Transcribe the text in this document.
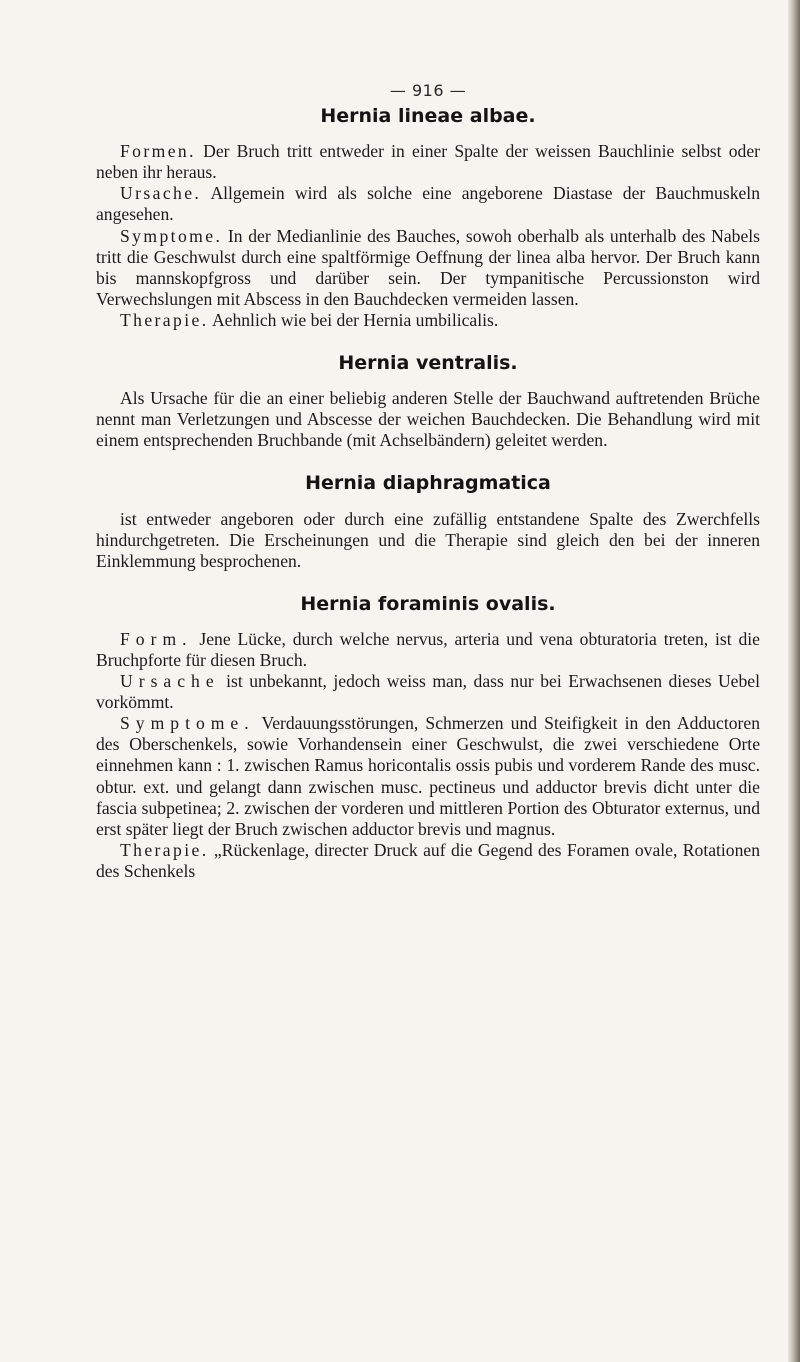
— 916 —
Hernia lineae albae.

Formen. Der Bruch tritt entweder in einer Spalte der weissen Bauchlinie selbst oder neben ihr heraus.

Ursache. Allgemein wird als solche eine angeborene Diastase der Bauchmuskeln angesehen.

Symptome. In der Medianlinie des Bauches, sowoh oberhalb als unterhalb des Nabels tritt die Geschwulst durch eine spaltförmige Oeffnung der linea alba hervor. Der Bruch kann bis mannskopfgross und darüber sein. Der tympanitische Percussionston wird Verwechslungen mit Abscess in den Bauchdecken vermeiden lassen.

Therapie. Aehnlich wie bei der Hernia umbilicalis.

Hernia ventralis.

Als Ursache für die an einer beliebig anderen Stelle der Bauchwand auftretenden Brüche nennt man Verletzungen und Abscesse der weichen Bauchdecken. Die Behandlung wird mit einem entsprechenden Bruchbande (mit Achselbändern) geleitet werden.

Hernia diaphragmatica

ist entweder angeboren oder durch eine zufällig entstandene Spalte des Zwerchfells hindurchgetreten. Die Erscheinungen und die Therapie sind gleich den bei der inneren Einklemmung besprochenen.

Hernia foraminis ovalis.

Form. Jene Lücke, durch welche nervus, arteria und vena obturatoria treten, ist die Bruchpforte für diesen Bruch.

Ursache ist unbekannt, jedoch weiss man, dass nur bei Erwachsenen dieses Uebel vorkömmt.

Symptome. Verdauungsstörungen, Schmerzen und Steifigkeit in den Adductoren des Oberschenkels, sowie Vorhandensein einer Geschwulst, die zwei verschiedene Orte einnehmen kann : 1. zwischen Ramus horicontalis ossis pubis und vorderem Rande des musc. obtur. ext. und gelangt dann zwischen musc. pectineus und adductor brevis dicht unter die fascia subpetinea; 2. zwischen der vorderen und mittleren Portion des Obturator externus, und erst später liegt der Bruch zwischen adductor brevis und magnus.

Therapie. „Rückenlage, directer Druck auf die Gegend des Foramen ovale, Rotationen des Schenkels
